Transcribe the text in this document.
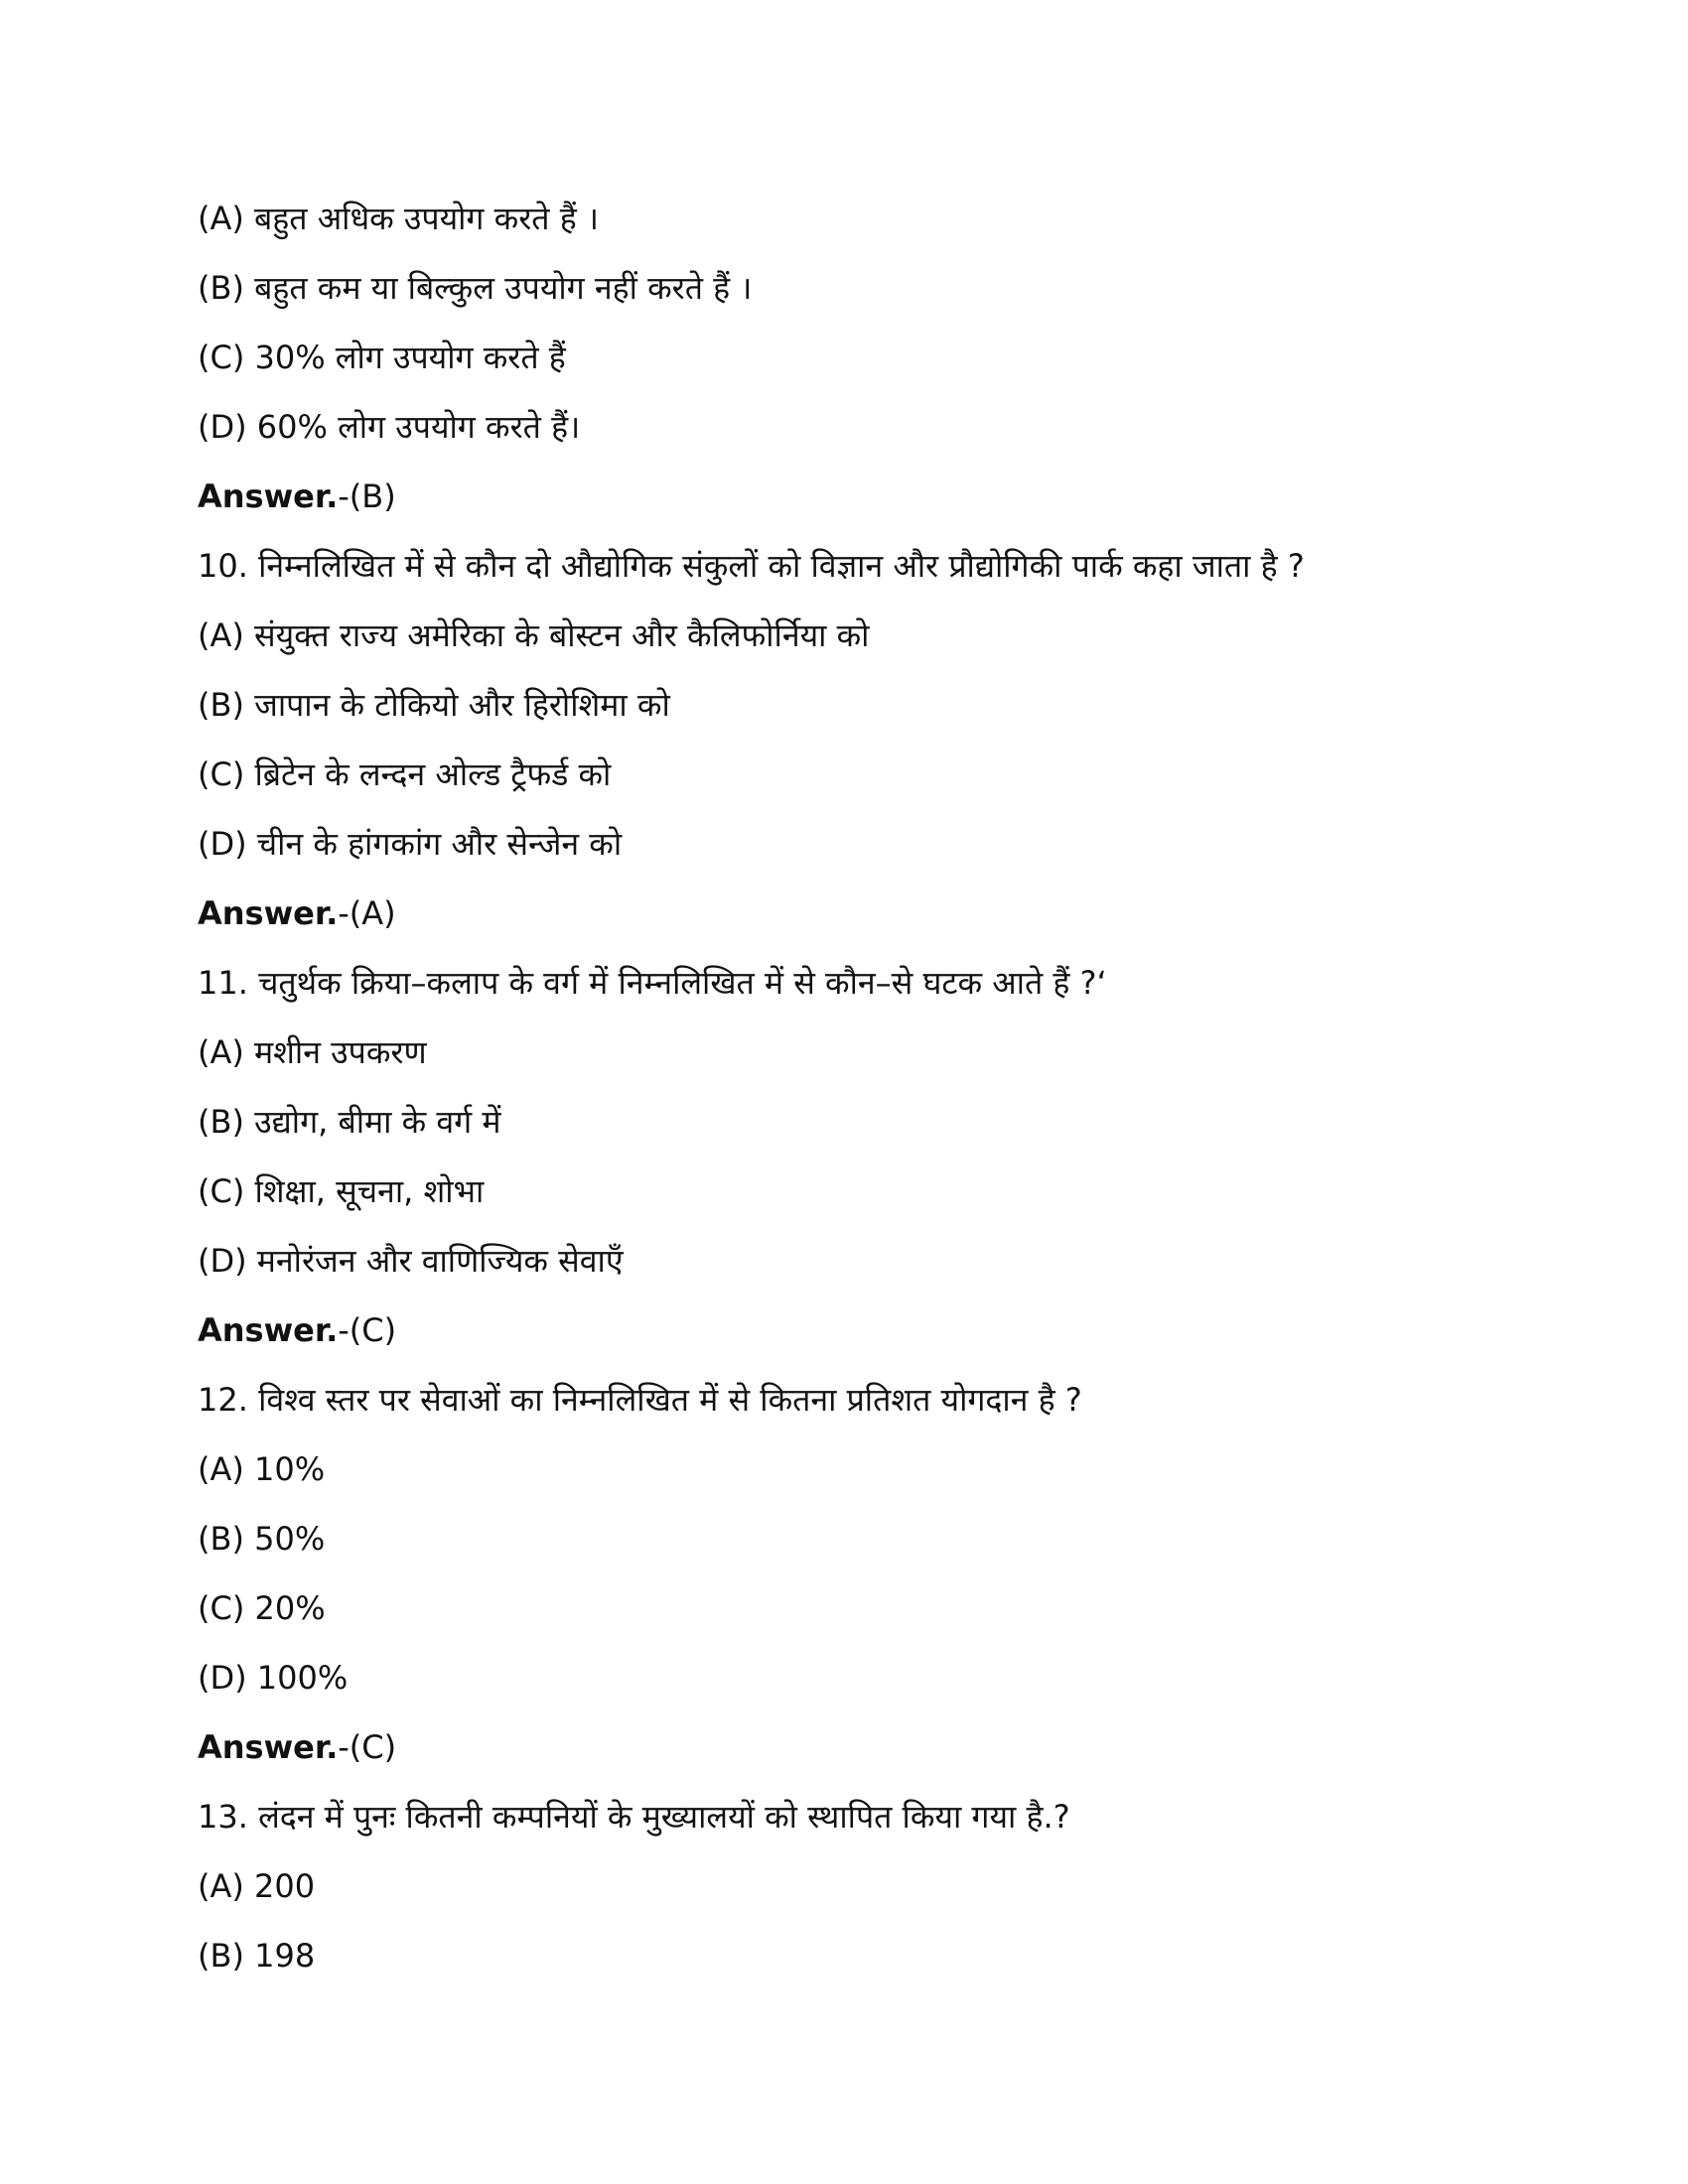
(A) बहुत अधिक उपयोग करते हैं ।
(B) बहुत कम या बिल्कुल उपयोग नहीं करते हैं ।
(C) 30% लोग उपयोग करते हैं
(D) 60% लोग उपयोग करते हैं।
Answer.-(B)
10. निम्नलिखित में से कौन दो औद्योगिक संकुलों को विज्ञान और प्रौद्योगिकी पार्क कहा जाता है ?
(A) संयुक्त राज्य अमेरिका के बोस्टन और कैलिफोर्निया को
(B) जापान के टोकियो और हिरोशिमा को
(C) ब्रिटेन के लन्दन ओल्ड ट्रैफर्ड को
(D) चीन के हांगकांग और सेन्जेन को
Answer.-(A)
11. चतुर्थक क्रिया–कलाप के वर्ग में निम्नलिखित में से कौन–से घटक आते हैं ?‘
(A) मशीन उपकरण
(B) उद्योग, बीमा के वर्ग में
(C) शिक्षा, सूचना, शोभा
(D) मनोरंजन और वाणिज्यिक सेवाएँ
Answer.-(C)
12. विश्व स्तर पर सेवाओं का निम्नलिखित में से कितना प्रतिशत योगदान है ?
(A) 10%
(B) 50%
(C) 20%
(D) 100%
Answer.-(C)
13. लंदन में पुनः कितनी कम्पनियों के मुख्यालयों को स्थापित किया गया है.?
(A) 200
(B) 198
